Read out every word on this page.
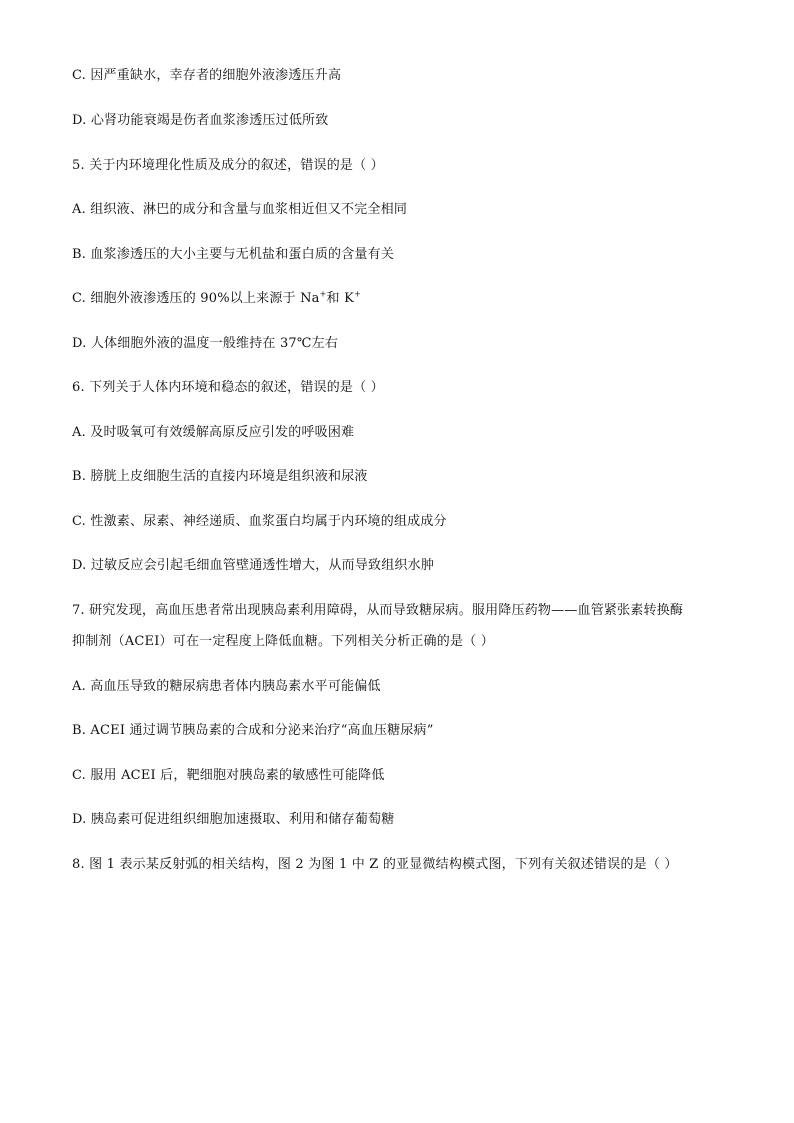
C. 因严重缺水，幸存者的细胞外液渗透压升高
D. 心肾功能衰竭是伤者血浆渗透压过低所致
5. 关于内环境理化性质及成分的叙述，错误的是（ ）
A. 组织液、淋巴的成分和含量与血浆相近但又不完全相同
B. 血浆渗透压的大小主要与无机盐和蛋白质的含量有关
C. 细胞外液渗透压的 90%以上来源于 Na+和 K+
D. 人体细胞外液的温度一般维持在 37℃左右
6. 下列关于人体内环境和稳态的叙述，错误的是（ ）
A. 及时吸氧可有效缓解高原反应引发的呼吸困难
B. 膀胱上皮细胞生活的直接内环境是组织液和尿液
C. 性激素、尿素、神经递质、血浆蛋白均属于内环境的组成成分
D. 过敏反应会引起毛细血管壁通透性增大，从而导致组织水肿
7. 研究发现，高血压患者常出现胰岛素利用障碍，从而导致糖尿病。服用降压药物——血管紧张素转换酶
抑制剂（ACEI）可在一定程度上降低血糖。下列相关分析正确的是（ ）
A. 高血压导致的糖尿病患者体内胰岛素水平可能偏低
B. ACEI 通过调节胰岛素的合成和分泌来治疗“高血压糖尿病”
C. 服用 ACEI 后，靶细胞对胰岛素的敏感性可能降低
D. 胰岛素可促进组织细胞加速摄取、利用和储存葡萄糖
8. 图 1 表示某反射弧的相关结构，图 2 为图 1 中 Z 的亚显微结构模式图，下列有关叙述错误的是（ ）
